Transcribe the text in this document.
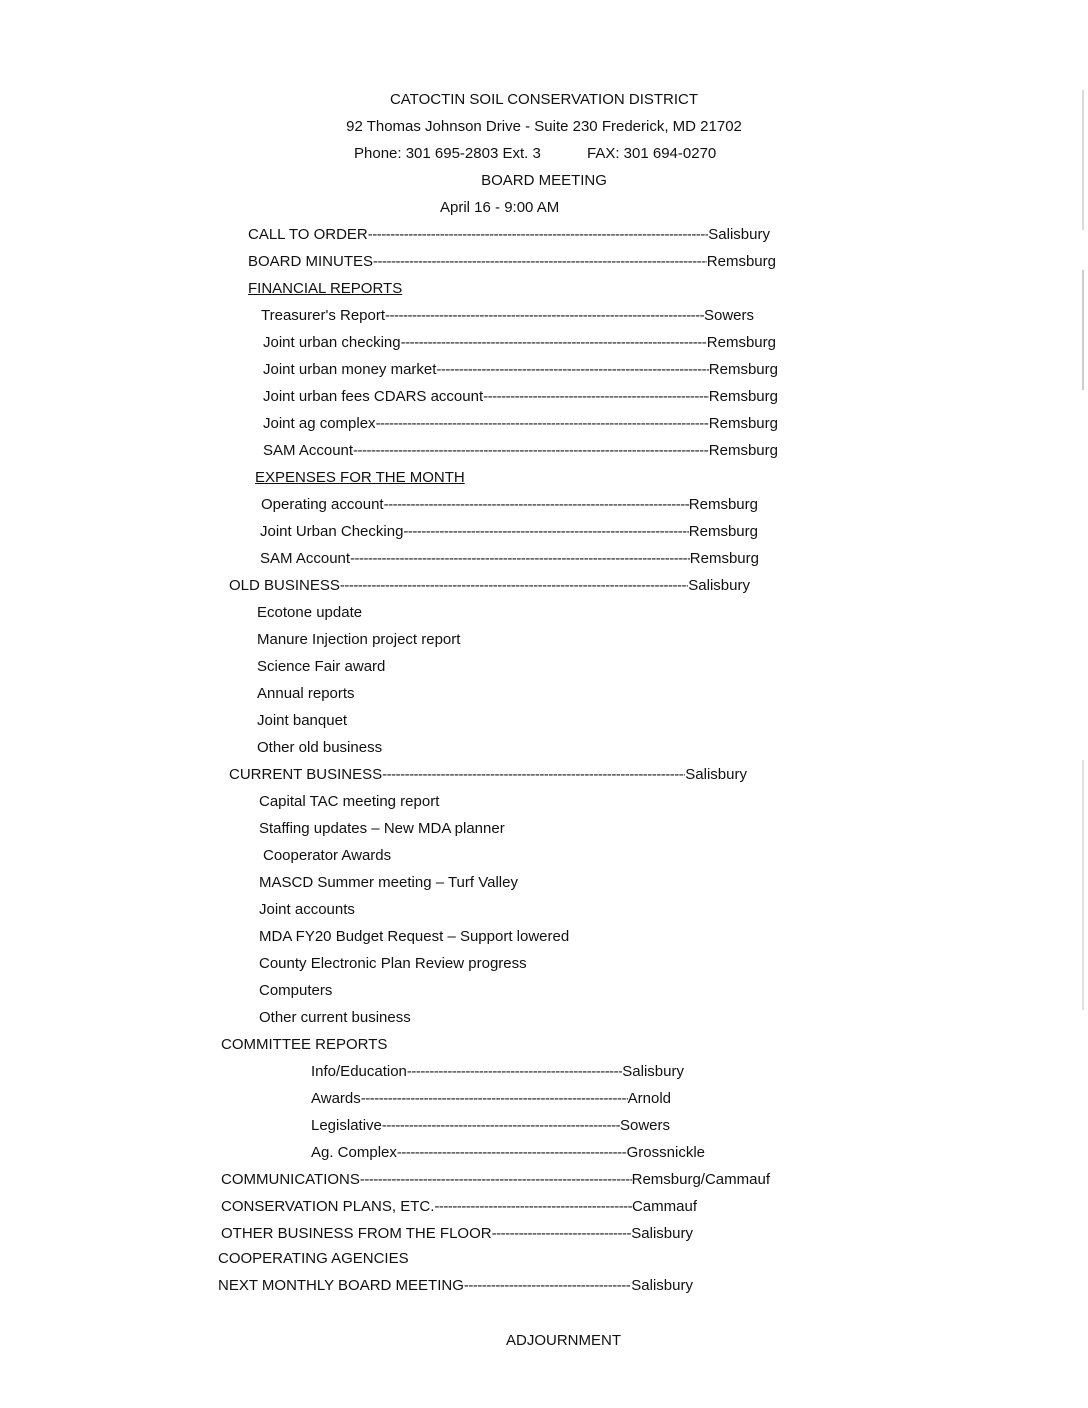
CATOCTIN SOIL CONSERVATION DISTRICT
92 Thomas Johnson Drive - Suite 230 Frederick, MD 21702
Phone: 301 695-2803 Ext. 3	FAX: 301 694-0270
BOARD MEETING
April 16 - 9:00 AM
CALL TO ORDER -----	Salisbury
BOARD MINUTES -----	Remsburg
FINANCIAL REPORTS
Treasurer's Report -----	Sowers
Joint urban checking -----	Remsburg
Joint urban money market -----	Remsburg
Joint urban fees CDARS account -----	Remsburg
Joint ag complex -----	Remsburg
SAM Account -----	Remsburg
EXPENSES FOR THE MONTH
Operating account -----	Remsburg
Joint Urban Checking -----	Remsburg
SAM Account -----	Remsburg
OLD BUSINESS -----	Salisbury
Ecotone update
Manure Injection project report
Science Fair award
Annual reports
Joint banquet
Other old business
CURRENT BUSINESS -----	Salisbury
Capital TAC meeting report
Staffing updates – New MDA planner
Cooperator Awards
MASCD Summer meeting – Turf Valley
Joint accounts
MDA FY20 Budget Request – Support lowered
County Electronic Plan Review progress
Computers
Other current business
COMMITTEE REPORTS
Info/Education -----	Salisbury
Awards -----	Arnold
Legislative -----	Sowers
Ag. Complex -----	Grossnickle
COMMUNICATIONS -----	Remsburg/Cammauf
CONSERVATION PLANS, ETC. -----	Cammauf
OTHER BUSINESS FROM THE FLOOR -----	Salisbury
COOPERATING AGENCIES
NEXT MONTHLY BOARD MEETING -----	Salisbury
ADJOURNMENT
